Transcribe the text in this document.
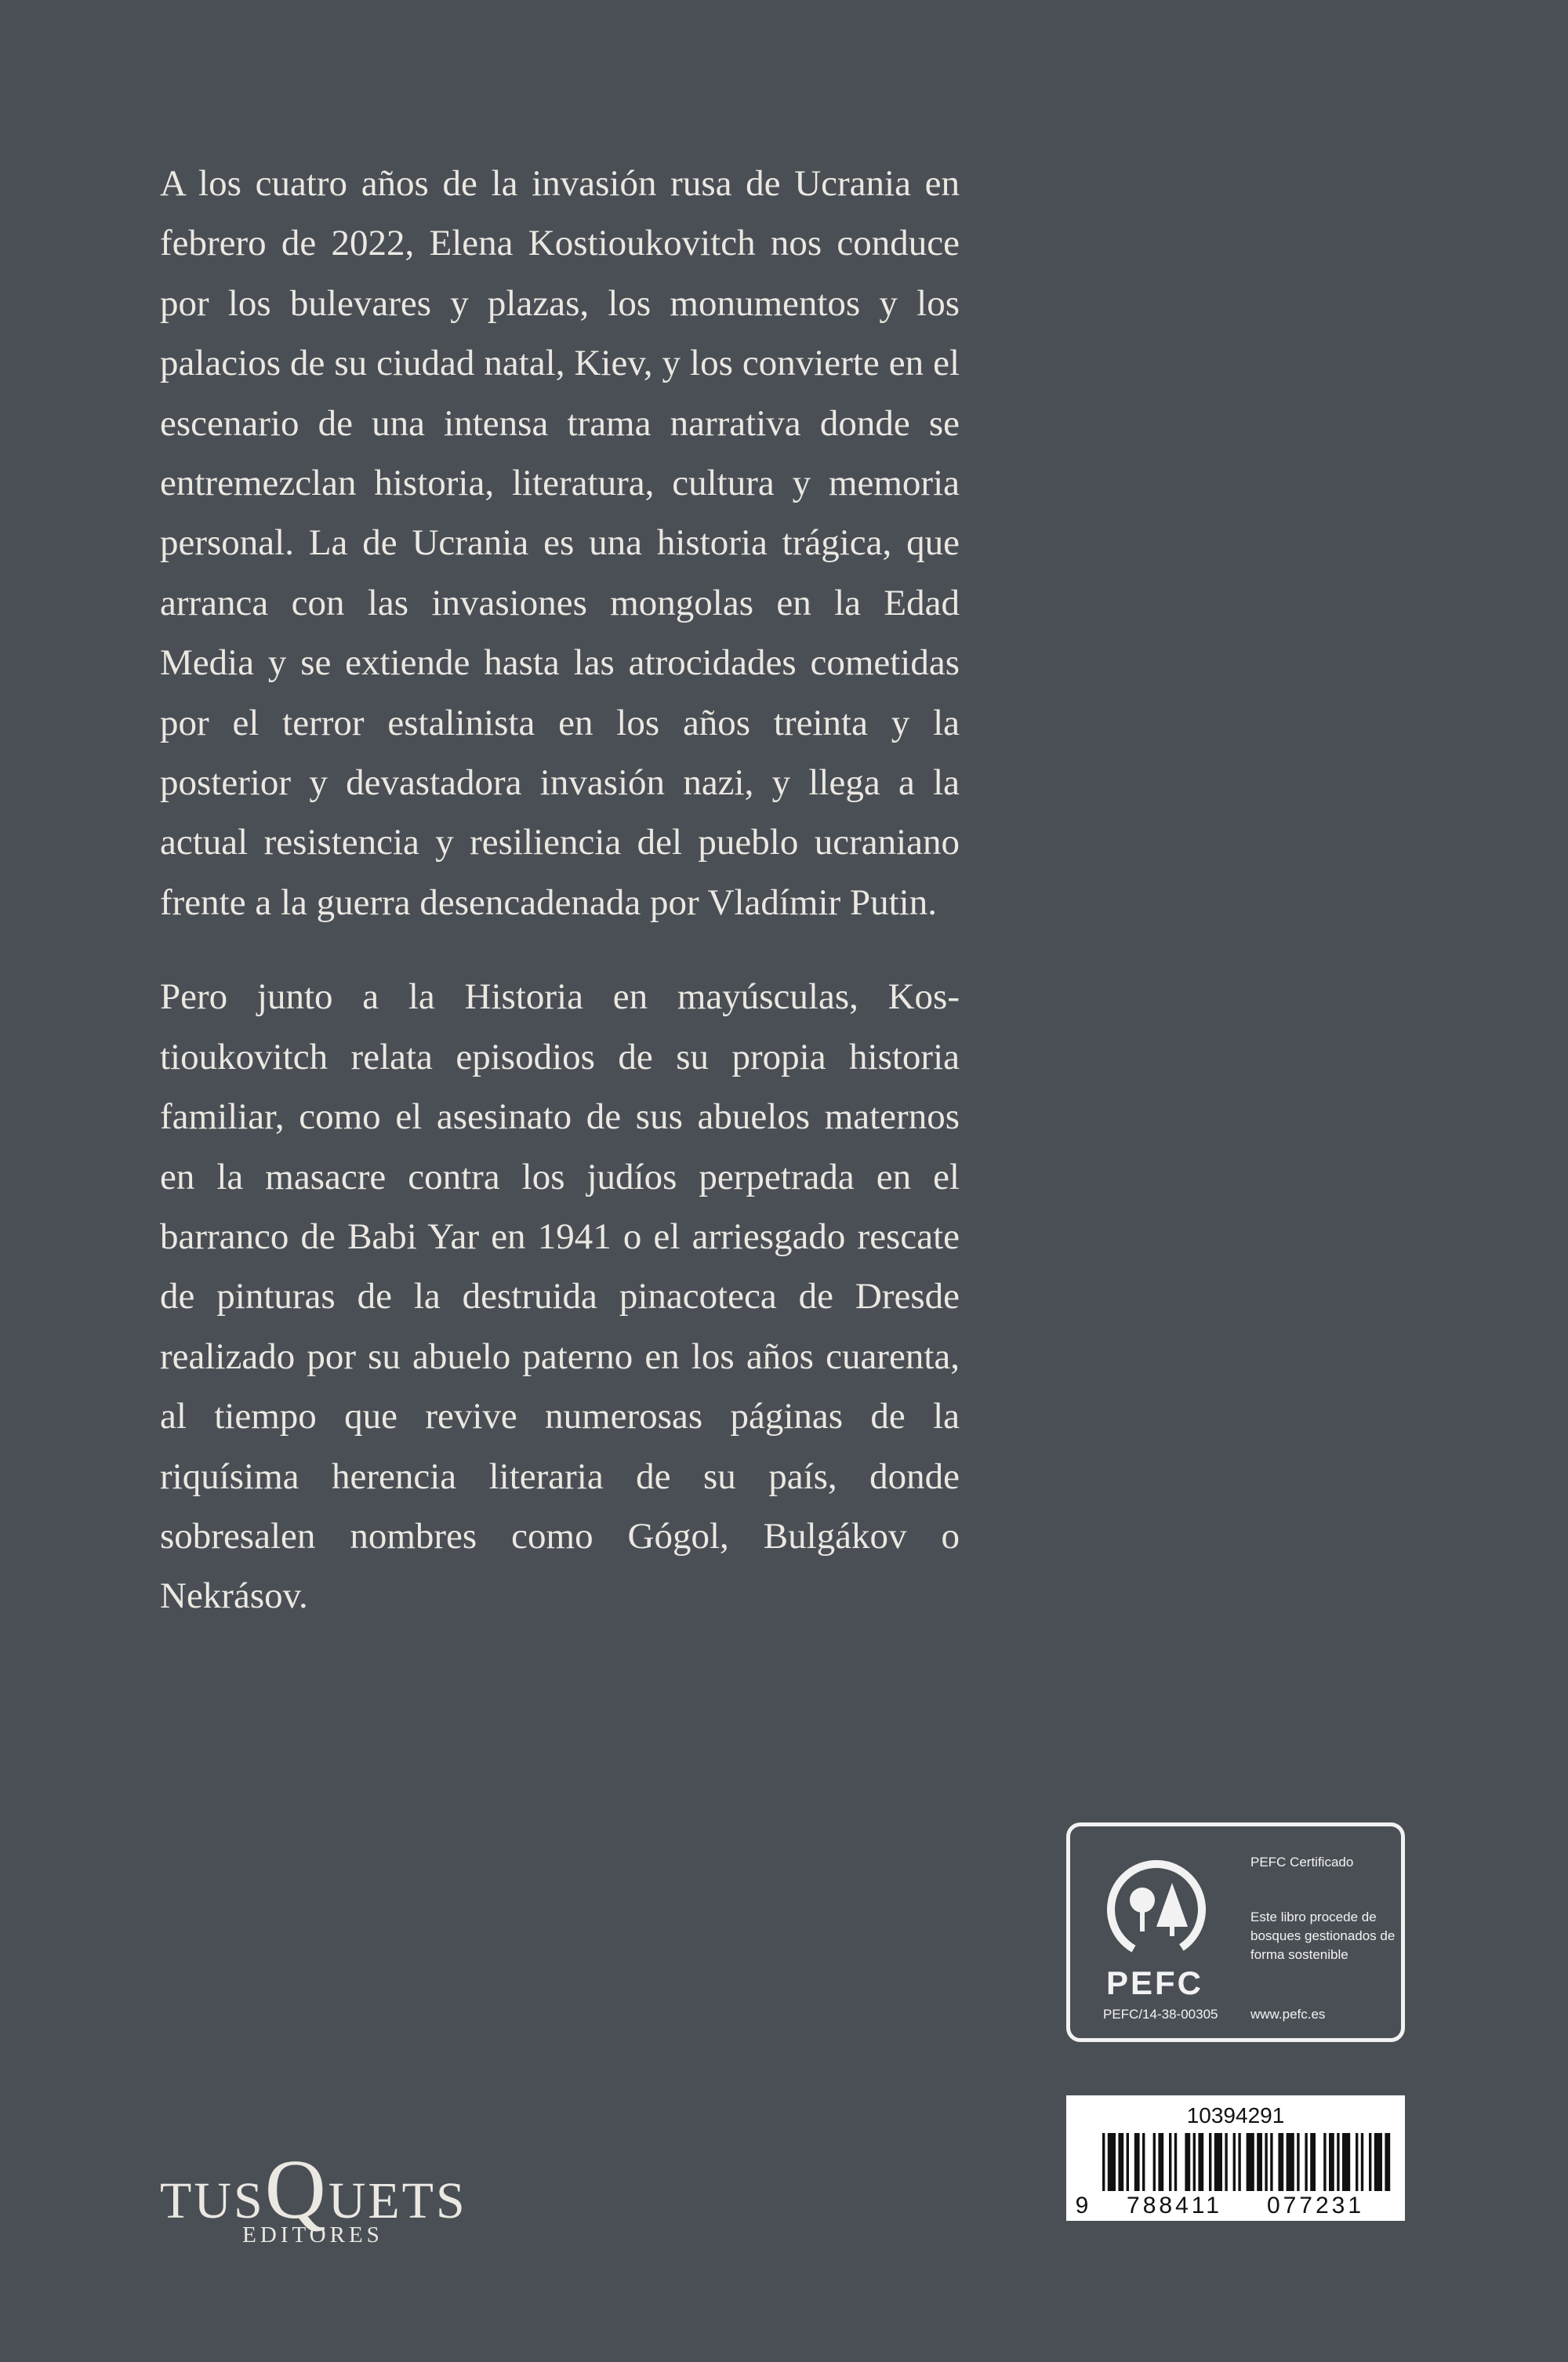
A los cuatro años de la invasión rusa de Ucrania en febrero de 2022, Elena Kostioukovitch nos conduce por los bulevares y plazas, los monumentos y los palacios de su ciudad natal, Kiev, y los convierte en el escenario de una intensa trama narrativa donde se entremezclan historia, literatura, cultura y memoria personal. La de Ucrania es una historia trágica, que arranca con las invasiones mongolas en la Edad Media y se extiende hasta las atrocidades cometidas por el terror estalinista en los años treinta y la posterior y devastadora invasión nazi, y llega a la actual resistencia y resiliencia del pueblo ucraniano frente a la guerra desencadenada por Vladímir Putin.

Pero junto a la Historia en mayúsculas, Kostioukovitch relata episodios de su propia historia familiar, como el asesinato de sus abuelos maternos en la masacre contra los judíos perpetrada en el barranco de Babi Yar en 1941 o el arriesgado rescate de pinturas de la destruida pinacoteca de Dresde realizado por su abuelo paterno en los años cuarenta, al tiempo que revive numerosas páginas de la riquísima herencia literaria de su país, donde sobresalen nombres como Gógol, Bulgákov o Nekrásov.

PEFC
PEFC/14-38-00305
PEFC Certificado
Este libro procede de bosques gestionados de forma sostenible
www.pefc.es
10394291
9 788411 077231
TUSQUETS
EDITORES
